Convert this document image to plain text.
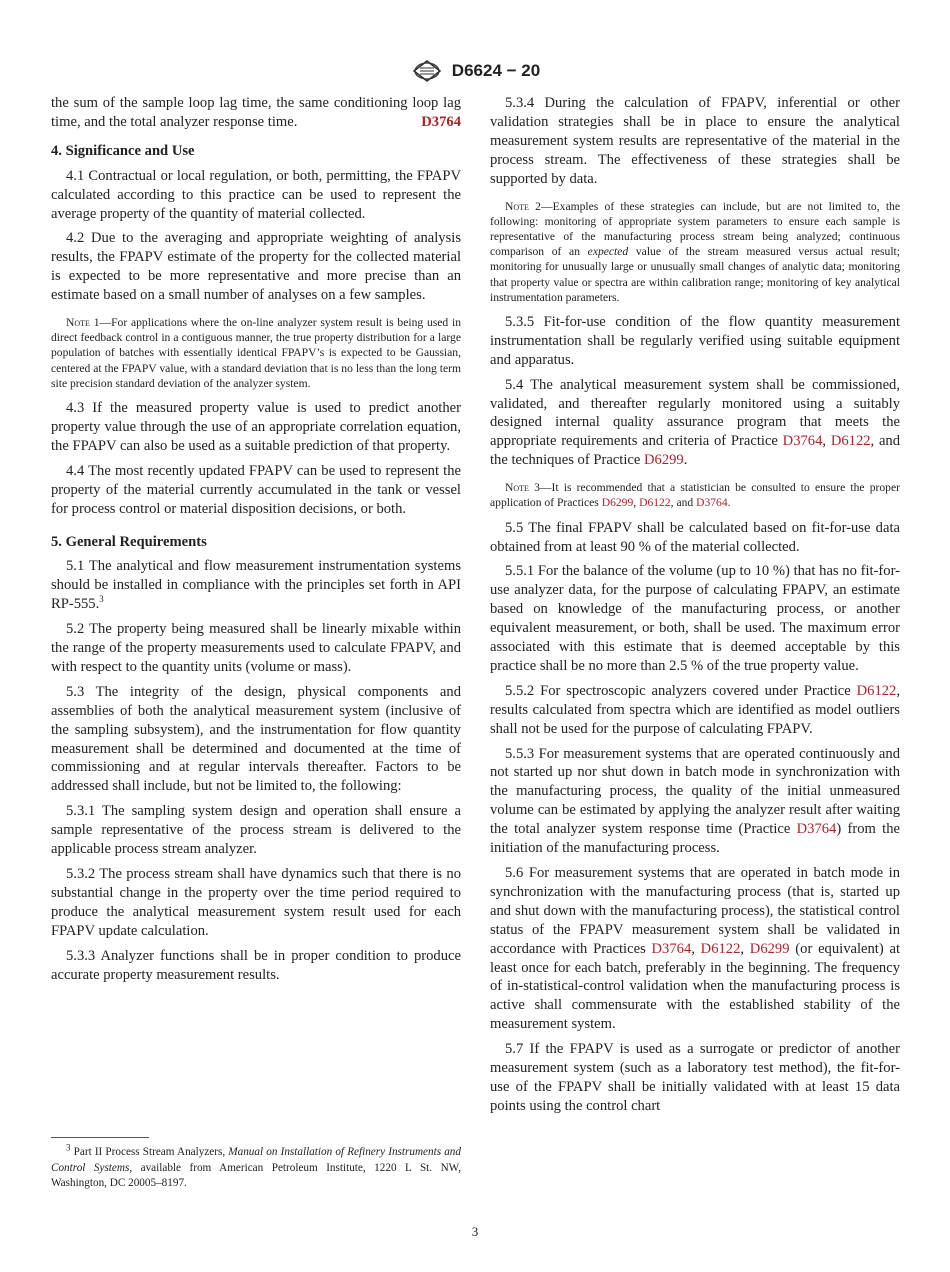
D6624 − 20

the sum of the sample loop lag time, the same conditioning loop lag time, and the total analyzer response time.	D3764

4. Significance and Use

4.1 Contractual or local regulation, or both, permitting, the FPAPV calculated according to this practice can be used to represent the average property of the quantity of material collected.

4.2 Due to the averaging and appropriate weighting of analysis results, the FPAPV estimate of the property for the collected material is expected to be more representative and more precise than an estimate based on a small number of analyses on a few samples.

Note 1—For applications where the on-line analyzer system result is being used in direct feedback control in a contiguous manner, the true property distribution for a large population of batches with essentially identical FPAPV’s is expected to be Gaussian, centered at the FPAPV value, with a standard deviation that is no less than the long term site precision standard deviation of the analyzer system.

4.3 If the measured property value is used to predict another property value through the use of an appropriate correlation equation, the FPAPV can also be used as a suitable prediction of that property.

4.4 The most recently updated FPAPV can be used to represent the property of the material currently accumulated in the tank or vessel for process control or material disposition decisions, or both.

5. General Requirements

5.1 The analytical and flow measurement instrumentation systems should be installed in compliance with the principles set forth in API RP-555.$^3$

5.2 The property being measured shall be linearly mixable within the range of the property measurements used to calculate FPAPV, and with respect to the quantity units (volume or mass).

5.3 The integrity of the design, physical components and assemblies of both the analytical measurement system (inclusive of the sampling subsystem), and the instrumentation for flow quantity measurement shall be determined and documented at the time of commissioning and at regular intervals thereafter. Factors to be addressed shall include, but not be limited to, the following:

5.3.1 The sampling system design and operation shall ensure a sample representative of the process stream is delivered to the applicable process stream analyzer.

5.3.2 The process stream shall have dynamics such that there is no substantial change in the property over the time period required to produce the analytical measurement system result used for each FPAPV update calculation.

5.3.3 Analyzer functions shall be in proper condition to produce accurate property measurement results.

$^3$ Part II Process Stream Analyzers, Manual on Installation of Refinery Instruments and Control Systems, available from American Petroleum Institute, 1220 L St. NW, Washington, DC 20005–8197.

5.3.4 During the calculation of FPAPV, inferential or other validation strategies shall be in place to ensure the analytical measurement system results are representative of the material in the process stream. The effectiveness of these strategies shall be supported by data.

Note 2—Examples of these strategies can include, but are not limited to, the following: monitoring of appropriate system parameters to ensure each sample is representative of the manufacturing process stream being analyzed; continuous comparison of an expected value of the stream measured versus actual result; monitoring for unusually large or unusually small changes of analytic data; monitoring that property value or spectra are within calibration range; monitoring of key analytical instrumentation parameters.

5.3.5 Fit-for-use condition of the flow quantity measurement instrumentation shall be regularly verified using suitable equipment and apparatus.

5.4 The analytical measurement system shall be commissioned, validated, and thereafter regularly monitored using a suitably designed internal quality assurance program that meets the appropriate requirements and criteria of Practice D3764, D6122, and the techniques of Practice D6299.

Note 3—It is recommended that a statistician be consulted to ensure the proper application of Practices D6299, D6122, and D3764.

5.5 The final FPAPV shall be calculated based on fit-for-use data obtained from at least 90 % of the material collected.

5.5.1 For the balance of the volume (up to 10 %) that has no fit-for-use analyzer data, for the purpose of calculating FPAPV, an estimate based on knowledge of the manufacturing process, or another equivalent measurement, or both, shall be used. The maximum error associated with this estimate that is deemed acceptable by this practice shall be no more than 2.5 % of the true property value.

5.5.2 For spectroscopic analyzers covered under Practice D6122, results calculated from spectra which are identified as model outliers shall not be used for the purpose of calculating FPAPV.

5.5.3 For measurement systems that are operated continuously and not started up nor shut down in batch mode in synchronization with the manufacturing process, the quality of the initial unmeasured volume can be estimated by applying the analyzer result after waiting the total analyzer system response time (Practice D3764) from the initiation of the manufacturing process.

5.6 For measurement systems that are operated in batch mode in synchronization with the manufacturing process (that is, started up and shut down with the manufacturing process), the statistical control status of the FPAPV measurement system shall be validated in accordance with Practices D3764, D6122, D6299 (or equivalent) at least once for each batch, preferably in the beginning. The frequency of in-statistical-control validation when the manufacturing process is active shall commensurate with the established stability of the measurement system.

5.7 If the FPAPV is used as a surrogate or predictor of another measurement system (such as a laboratory test method), the fit-for-use of the FPAPV shall be initially validated with at least 15 data points using the control chart

3
